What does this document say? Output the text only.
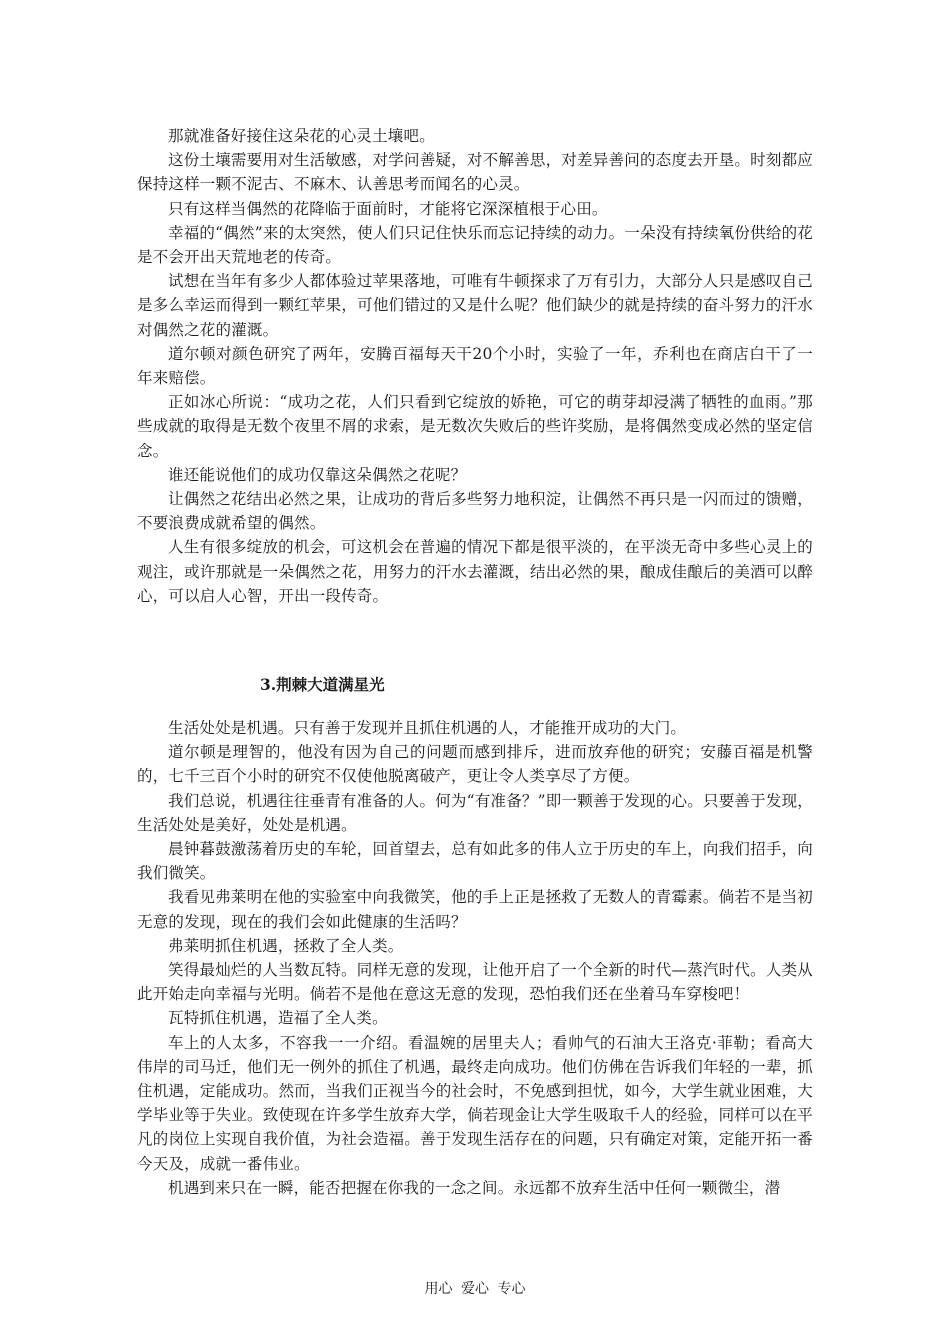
那就准备好接住这朵花的心灵土壤吧。

这份土壤需要用对生活敏感，对学问善疑，对不解善思，对差异善问的态度去开垦。时刻都应保持这样一颗不泥古、不麻木、认善思考而闻名的心灵。

只有这样当偶然的花降临于面前时，才能将它深深植根于心田。

幸福的“偶然”来的太突然，使人们只记住快乐而忘记持续的动力。一朵没有持续氧份供给的花是不会开出天荒地老的传奇。

试想在当年有多少人都体验过苹果落地，可唯有牛顿探求了万有引力，大部分人只是感叹自己是多么幸运而得到一颗红苹果，可他们错过的又是什么呢？他们缺少的就是持续的奋斗努力的汗水对偶然之花的灌溉。

道尔顿对颜色研究了两年，安腾百福每天干20个小时，实验了一年，乔利也在商店白干了一年来赔偿。

正如冰心所说：“成功之花，人们只看到它绽放的娇艳，可它的萌芽却浸满了牺牲的血雨。”那些成就的取得是无数个夜里不屑的求索，是无数次失败后的些许奖励，是将偶然变成必然的坚定信念。

谁还能说他们的成功仅靠这朵偶然之花呢？

让偶然之花结出必然之果，让成功的背后多些努力地积淀，让偶然不再只是一闪而过的馈赠，不要浪费成就希望的偶然。

人生有很多绽放的机会，可这机会在普遍的情况下都是很平淡的，在平淡无奇中多些心灵上的观注，或许那就是一朵偶然之花，用努力的汗水去灌溉，结出必然的果，酿成佳酿后的美酒可以醉心，可以启人心智，开出一段传奇。

3.荆棘大道满星光

生活处处是机遇。只有善于发现并且抓住机遇的人，才能推开成功的大门。

道尔顿是理智的，他没有因为自己的问题而感到排斥，进而放弃他的研究；安藤百福是机警的，七千三百个小时的研究不仅使他脱离破产，更让令人类享尽了方便。

我们总说，机遇往往垂青有准备的人。何为“有准备？”即一颗善于发现的心。只要善于发现，生活处处是美好，处处是机遇。

晨钟暮鼓激荡着历史的车轮，回首望去，总有如此多的伟人立于历史的车上，向我们招手，向我们微笑。

我看见弗莱明在他的实验室中向我微笑，他的手上正是拯救了无数人的青霉素。倘若不是当初无意的发现，现在的我们会如此健康的生活吗？

弗莱明抓住机遇，拯救了全人类。

笑得最灿烂的人当数瓦特。同样无意的发现，让他开启了一个全新的时代—蒸汽时代。人类从此开始走向幸福与光明。倘若不是他在意这无意的发现，恐怕我们还在坐着马车穿梭吧！

瓦特抓住机遇，造福了全人类。

车上的人太多，不容我一一介绍。看温婉的居里夫人；看帅气的石油大王洛克·菲勒；看高大伟岸的司马迁，他们无一例外的抓住了机遇，最终走向成功。他们仿佛在告诉我们年轻的一辈，抓住机遇，定能成功。然而，当我们正视当今的社会时，不免感到担忧，如今，大学生就业困难，大学毕业等于失业。致使现在许多学生放弃大学，倘若现金让大学生吸取千人的经验，同样可以在平凡的岗位上实现自我价值，为社会造福。善于发现生活存在的问题，只有确定对策，定能开拓一番今天及，成就一番伟业。

机遇到来只在一瞬，能否把握在你我的一念之间。永远都不放弃生活中任何一颗微尘，潜

用心 爱心 专心
